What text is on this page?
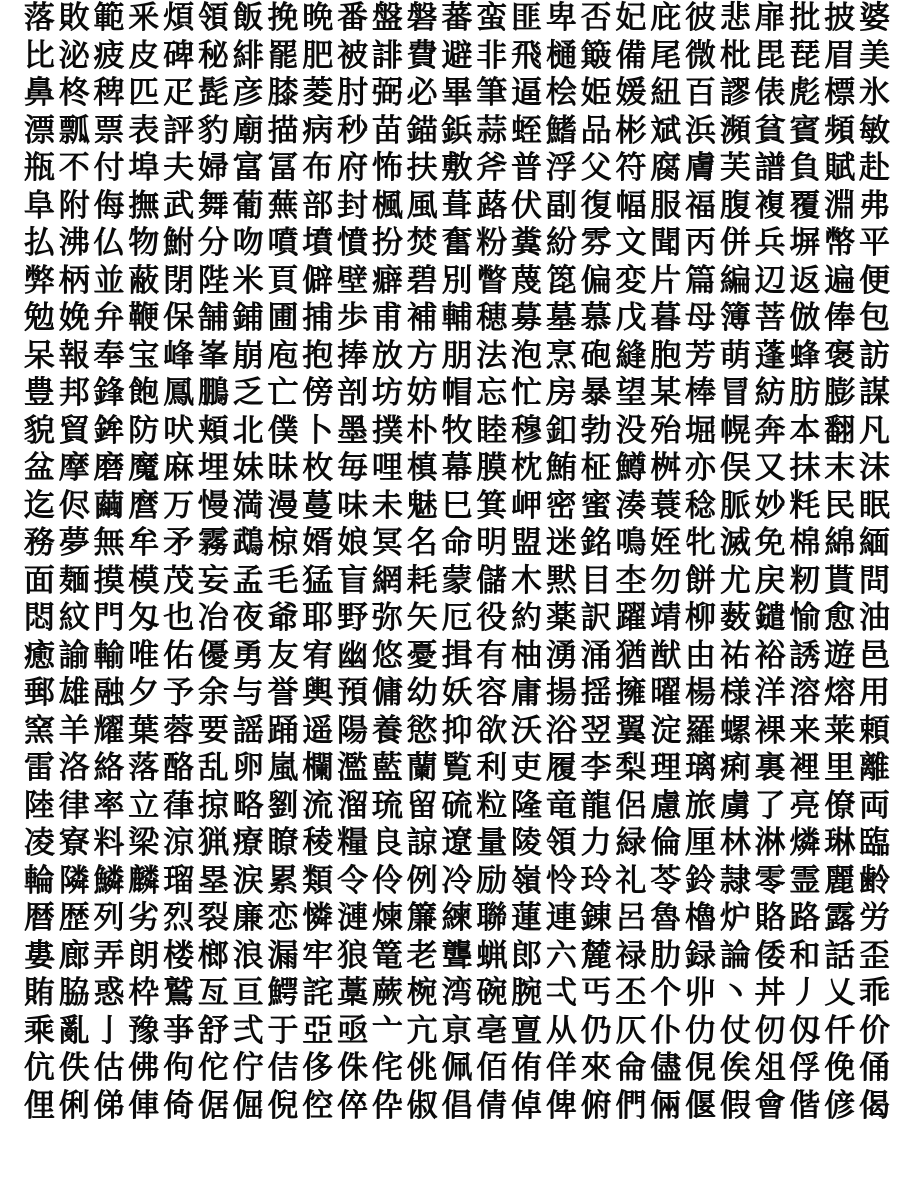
落 敗 範 釆 煩 領 飯 挽 晩 番 盤 磐 蕃 蛮 匪 卑 否 妃 庇 彼 悲 扉 批 披 婆
比 泌 疲 皮 碑 秘 緋 罷 肥 被 誹 費 避 非 飛 樋 簸 備 尾 微 枇 毘 琵 眉 美
鼻 柊 稗 匹 疋 髭 彦 膝 菱 肘 弼 必 畢 筆 逼 桧 姫 媛 紐 百 謬 俵 彪 標 氷
漂 瓢 票 表 評 豹 廟 描 病 秒 苗 錨 鋲 蒜 蛭 鰭 品 彬 斌 浜 瀕 貧 賓 頻 敏
瓶 不 付 埠 夫 婦 富 冨 布 府 怖 扶 敷 斧 普 浮 父 符 腐 膚 芙 譜 負 賦 赴
阜 附 侮 撫 武 舞 葡 蕪 部 封 楓 風 葺 蕗 伏 副 復 幅 服 福 腹 複 覆 淵 弗
払 沸 仏 物 鮒 分 吻 噴 墳 憤 扮 焚 奮 粉 糞 紛 雰 文 聞 丙 併 兵 塀 幣 平
弊 柄 並 蔽 閉 陛 米 頁 僻 壁 癖 碧 別 瞥 蔑 箆 偏 変 片 篇 編 辺 返 遍 便
勉 娩 弁 鞭 保 舗 鋪 圃 捕 歩 甫 補 輔 穂 募 墓 慕 戊 暮 母 簿 菩 倣 俸 包
呆 報 奉 宝 峰 峯 崩 庖 抱 捧 放 方 朋 法 泡 烹 砲 縫 胞 芳 萌 蓬 蜂 褒 訪
豊 邦 鋒 飽 鳳 鵬 乏 亡 傍 剖 坊 妨 帽 忘 忙 房 暴 望 某 棒 冒 紡 肪 膨 謀
貌 貿 鉾 防 吠 頬 北 僕 卜 墨 撲 朴 牧 睦 穆 釦 勃 没 殆 堀 幌 奔 本 翻 凡
盆 摩 磨 魔 麻 埋 妹 昧 枚 毎 哩 槙 幕 膜 枕 鮪 柾 鱒 桝 亦 俣 又 抹 末 沫
迄 侭 繭 麿 万 慢 満 漫 蔓 味 未 魅 巳 箕 岬 密 蜜 湊 蓑 稔 脈 妙 粍 民 眠
務 夢 無 牟 矛 霧 鵡 椋 婿 娘 冥 名 命 明 盟 迷 銘 鳴 姪 牝 滅 免 棉 綿 緬
面 麺 摸 模 茂 妄 孟 毛 猛 盲 網 耗 蒙 儲 木 黙 目 杢 勿 餅 尤 戻 籾 貰 問
悶 紋 門 匁 也 冶 夜 爺 耶 野 弥 矢 厄 役 約 薬 訳 躍 靖 柳 薮 鑓 愉 愈 油
癒 諭 輸 唯 佑 優 勇 友 宥 幽 悠 憂 揖 有 柚 湧 涌 猶 猷 由 祐 裕 誘 遊 邑
郵 雄 融 夕 予 余 与 誉 輿 預 傭 幼 妖 容 庸 揚 揺 擁 曜 楊 様 洋 溶 熔 用
窯 羊 耀 葉 蓉 要 謡 踊 遥 陽 養 慾 抑 欲 沃 浴 翌 翼 淀 羅 螺 裸 来 莱 頼
雷 洛 絡 落 酪 乱 卵 嵐 欄 濫 藍 蘭 覧 利 吏 履 李 梨 理 璃 痢 裏 裡 里 離
陸 律 率 立 葎 掠 略 劉 流 溜 琉 留 硫 粒 隆 竜 龍 侶 慮 旅 虜 了 亮 僚 両
凌 寮 料 梁 涼 猟 療 瞭 稜 糧 良 諒 遼 量 陵 領 力 緑 倫 厘 林 淋 燐 琳 臨
輪 隣 鱗 麟 瑠 塁 涙 累 類 令 伶 例 冷 励 嶺 怜 玲 礼 苓 鈴 隷 零 霊 麗 齢
暦 歴 列 劣 烈 裂 廉 恋 憐 漣 煉 簾 練 聯 蓮 連 錬 呂 魯 櫓 炉 賂 路 露 労
婁 廊 弄 朗 楼 榔 浪 漏 牢 狼 篭 老 聾 蝋 郎 六 麓 禄 肋 録 論 倭 和 話 歪
賄 脇 惑 枠 鷲 亙 亘 鰐 詫 藁 蕨 椀 湾 碗 腕 弌 丐 丕 个 丱 丶 丼 丿 乂 乖
乘 亂 亅 豫 亊 舒 弍 于 亞 亟 亠 亢 亰 亳 亶 从 仍 仄 仆 仂 仗 仞 仭 仟 价
伉 佚 估 佛 佝 佗 佇 佶 侈 侏 侘 佻 佩 佰 侑 佯 來 侖 儘 俔 俟 俎 俘 俛 俑
俚 俐 俤 俥 倚 倨 倔 倪 倥 倅 伜 俶 倡 倩 倬 俾 俯 們 倆 偃 假 會 偕 偐 偈
